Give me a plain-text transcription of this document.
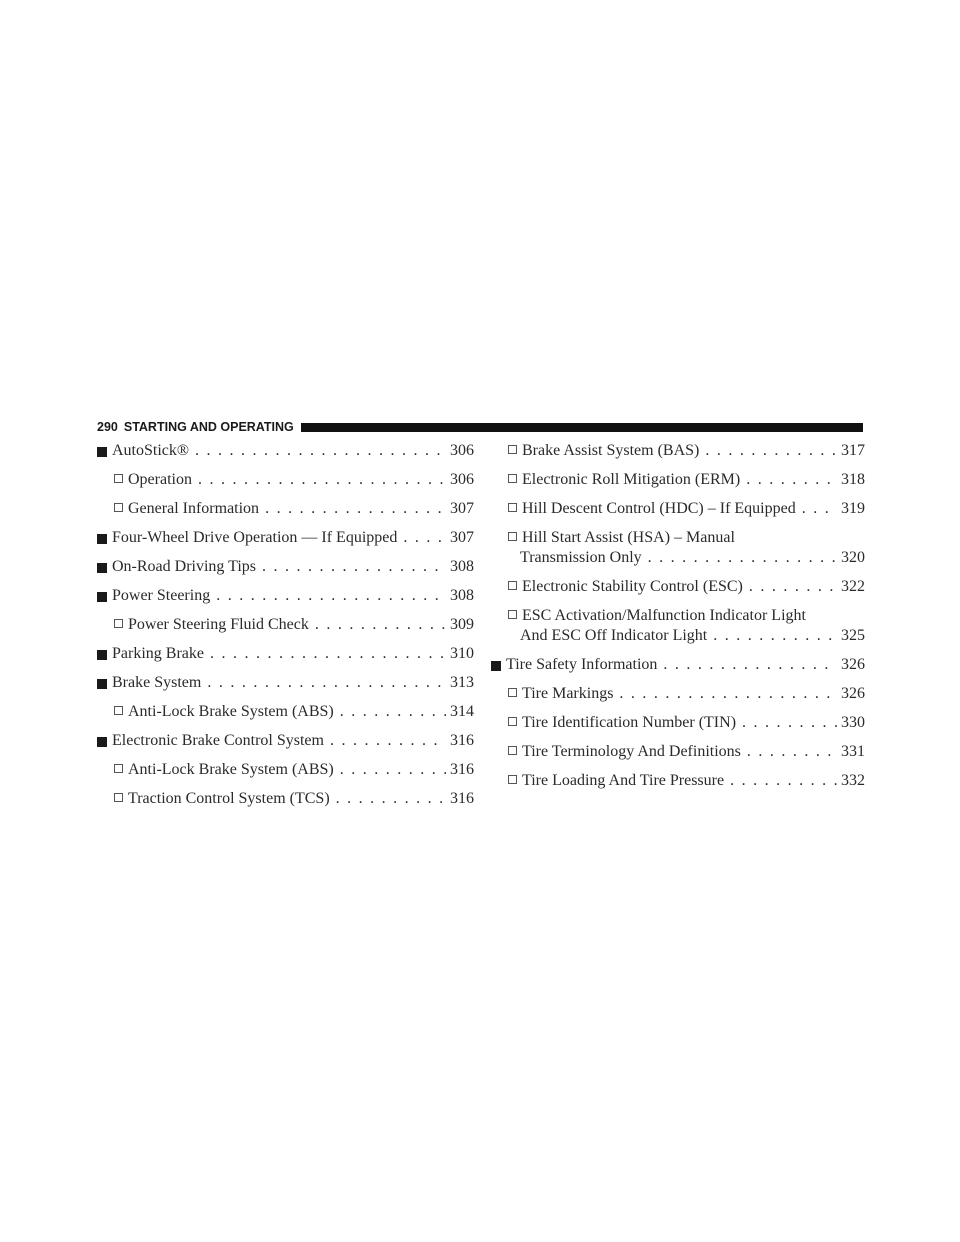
290 STARTING AND OPERATING
AutoStick® . . .	306
Operation . . .	306
General Information . . .	307
Four-Wheel Drive Operation — If Equipped . . .	307
On-Road Driving Tips . . .	308
Power Steering . . .	308
Power Steering Fluid Check . . .	309
Parking Brake . . .	310
Brake System . . .	313
Anti-Lock Brake System (ABS) . . .	314
Electronic Brake Control System . . .	316
Anti-Lock Brake System (ABS) . . .	316
Traction Control System (TCS) . . .	316
Brake Assist System (BAS) . . .	317
Electronic Roll Mitigation (ERM) . . .	318
Hill Descent Control (HDC) – If Equipped . . .	319
Hill Start Assist (HSA) – Manual
Transmission Only . . .	320
Electronic Stability Control (ESC) . . .	322
ESC Activation/Malfunction Indicator Light
And ESC Off Indicator Light . . .	325
Tire Safety Information . . .	326
Tire Markings . . .	326
Tire Identification Number (TIN) . . .	330
Tire Terminology And Definitions . . .	331
Tire Loading And Tire Pressure . . .	332
